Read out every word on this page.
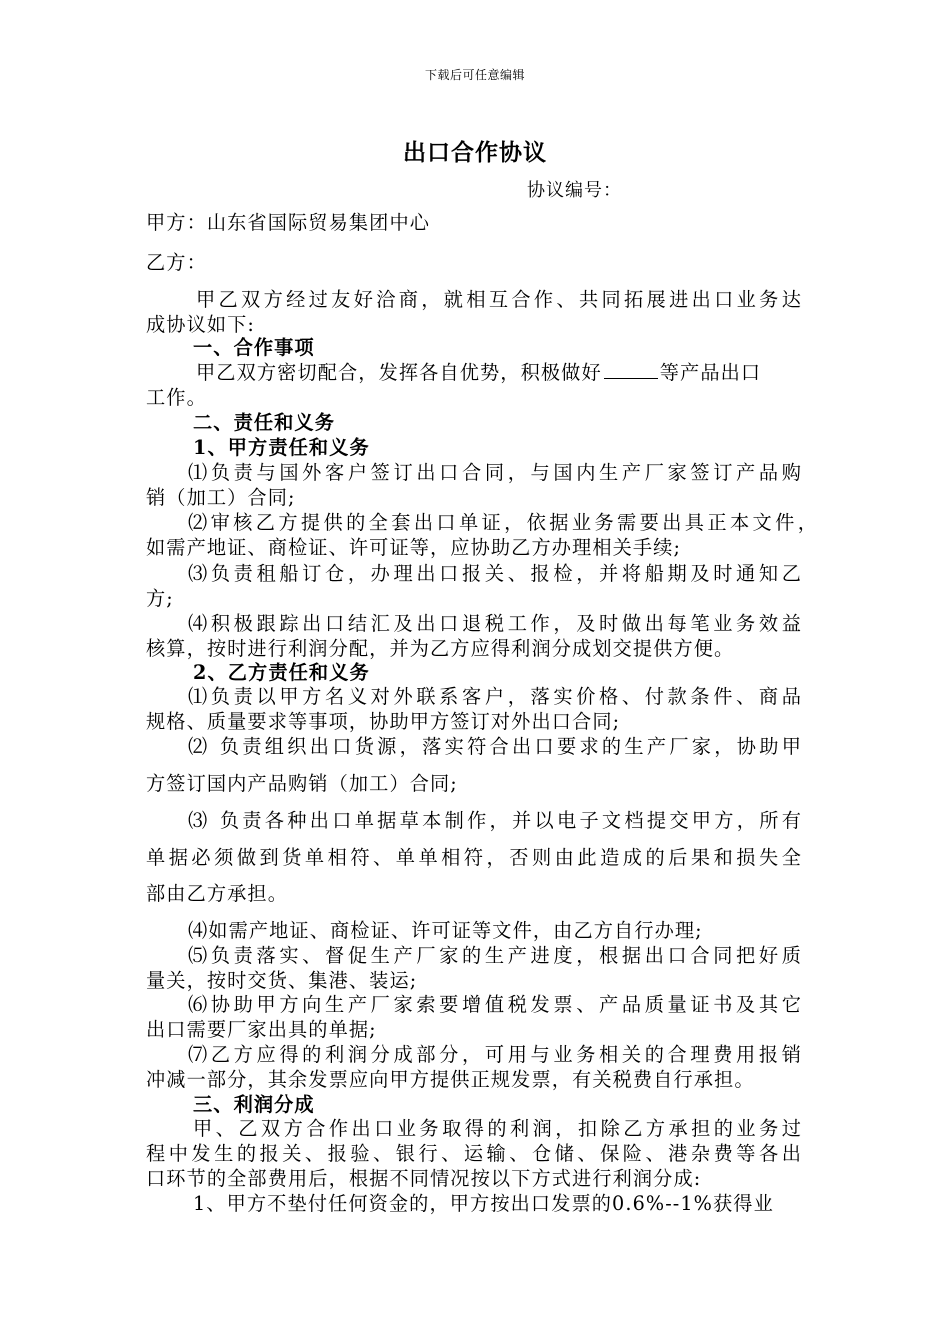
下载后可任意编辑
出口合作协议
协议编号：
甲方：山东省国际贸易集团中心
乙方：
甲乙双方经过友好洽商，就相互合作、共同拓展进出口业务达
成协议如下:
一、合作事项
甲乙双方密切配合，发挥各自优势，积极做好	等产品出口
工作。
二、责任和义务
1、甲方责任和义务
⑴负责与国外客户签订出口合同，与国内生产厂家签订产品购
销（加工）合同;
⑵审核乙方提供的全套出口单证，依据业务需要出具正本文件，
如需产地证、商检证、许可证等，应协助乙方办理相关手续;
⑶负责租船订仓，办理出口报关、报检，并将船期及时通知乙
方;
⑷积极跟踪出口结汇及出口退税工作，及时做出每笔业务效益
核算，按时进行利润分配，并为乙方应得利润分成划交提供方便。
2、乙方责任和义务
⑴负责以甲方名义对外联系客户，落实价格、付款条件、商品
规格、质量要求等事项，协助甲方签订对外出口合同;
⑵ 负责组织出口货源，落实符合出口要求的生产厂家，协助甲
方签订国内产品购销（加工）合同;
⑶ 负责各种出口单据草本制作，并以电子文档提交甲方，所有
单据必须做到货单相符、单单相符，否则由此造成的后果和损失全
部由乙方承担。
⑷如需产地证、商检证、许可证等文件，由乙方自行办理;
⑸负责落实、督促生产厂家的生产进度，根据出口合同把好质
量关，按时交货、集港、装运;
⑹协助甲方向生产厂家索要增值税发票、产品质量证书及其它
出口需要厂家出具的单据;
⑺乙方应得的利润分成部分，可用与业务相关的合理费用报销
冲减一部分，其余发票应向甲方提供正规发票，有关税费自行承担。
三、利润分成
甲、乙双方合作出口业务取得的利润，扣除乙方承担的业务过
程中发生的报关、报验、银行、运输、仓储、保险、港杂费等各出
口环节的全部费用后，根据不同情况按以下方式进行利润分成:
1、甲方不垫付任何资金的，甲方按出口发票的0.6%--1%获得业
